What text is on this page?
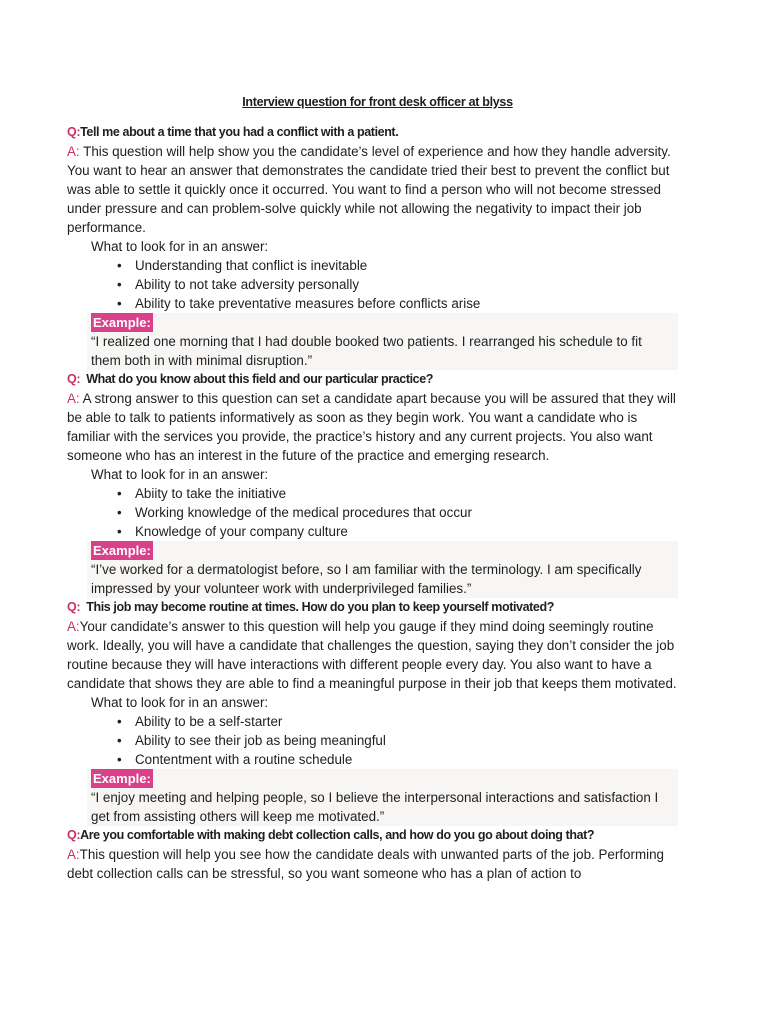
Interview question for front desk officer at blyss

Q:Tell me about a time that you had a conflict with a patient.

A: This question will help show you the candidate’s level of experience and how they handle adversity. You want to hear an answer that demonstrates the candidate tried their best to prevent the conflict but was able to settle it quickly once it occurred. You want to find a person who will not become stressed under pressure and can problem-solve quickly while not allowing the negativity to impact their job performance.

What to look for in an answer:

• Understanding that conflict is inevitable
• Ability to not take adversity personally
• Ability to take preventative measures before conflicts arise
Example:

“I realized one morning that I had double booked two patients. I rearranged his schedule to fit them both in with minimal disruption.”

Q: What do you know about this field and our particular practice?

A: A strong answer to this question can set a candidate apart because you will be assured that they will be able to talk to patients informatively as soon as they begin work. You want a candidate who is familiar with the services you provide, the practice’s history and any current projects. You also want someone who has an interest in the future of the practice and emerging research.

What to look for in an answer:

• Abiity to take the initiative
• Working knowledge of the medical procedures that occur
• Knowledge of your company culture
Example:

“I’ve worked for a dermatologist before, so I am familiar with the terminology. I am specifically impressed by your volunteer work with underprivileged families.”

Q: This job may become routine at times. How do you plan to keep yourself motivated?

A:Your candidate’s answer to this question will help you gauge if they mind doing seemingly routine work. Ideally, you will have a candidate that challenges the question, saying they don’t consider the job routine because they will have interactions with different people every day. You also want to have a candidate that shows they are able to find a meaningful purpose in their job that keeps them motivated.

What to look for in an answer:

• Ability to be a self-starter
• Ability to see their job as being meaningful
• Contentment with a routine schedule
Example:

“I enjoy meeting and helping people, so I believe the interpersonal interactions and satisfaction I get from assisting others will keep me motivated.”

Q:Are you comfortable with making debt collection calls, and how do you go about doing that?

A:This question will help you see how the candidate deals with unwanted parts of the job. Performing debt collection calls can be stressful, so you want someone who has a plan of action to
